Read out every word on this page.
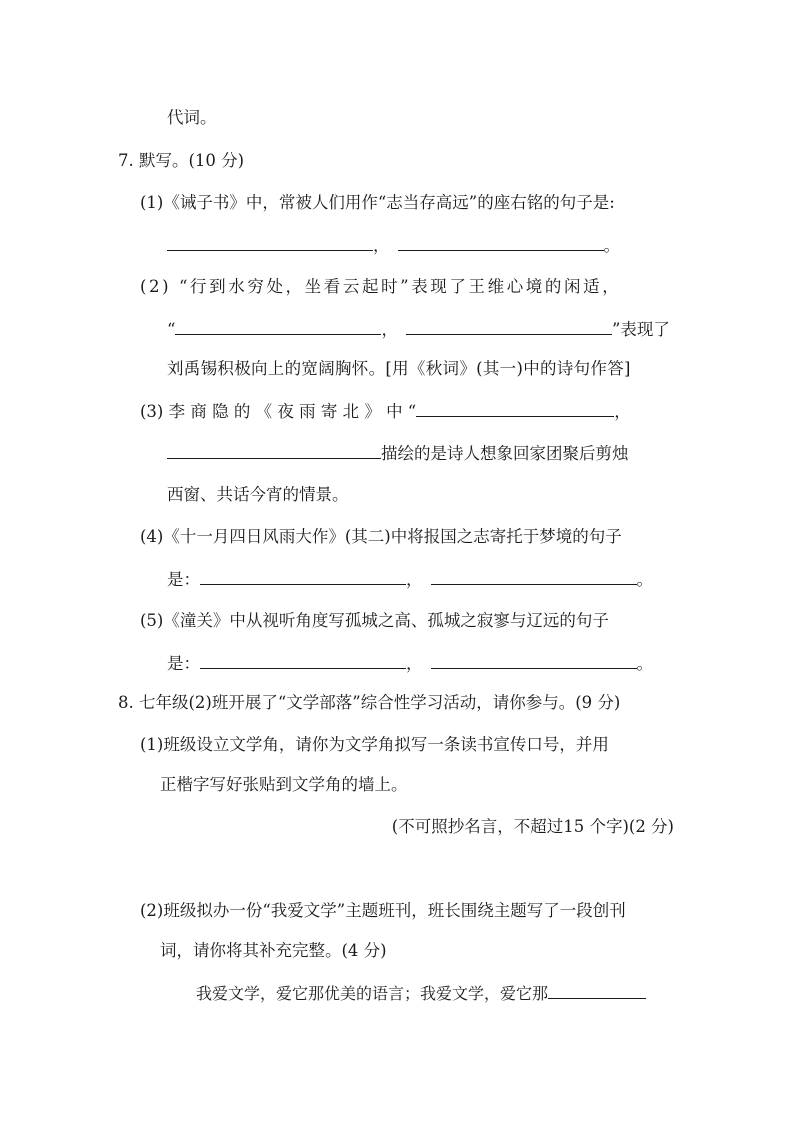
代词。
7. 默写。(10 分)
(1)《诫子书》中，常被人们用作“志当存高远”的座右铭的句子是:
，	。
(2) “行到水穷处，坐看云起时”表现了王维心境的闲适，
“	，	”表现了
刘禹锡积极向上的宽阔胸怀。[用《秋词》(其一)中的诗句作答]
(3) 李 商 隐 的 《 夜 雨 寄 北 》 中 “	，
描绘的是诗人想象回家团聚后剪烛
西窗、共话今宵的情景。
(4)《十一月四日风雨大作》(其二)中将报国之志寄托于梦境的句子
是：	，	。
(5)《潼关》中从视听角度写孤城之高、孤城之寂寥与辽远的句子
是：	，	。
8. 七年级(2)班开展了“文学部落”综合性学习活动，请你参与。(9 分)
(1)班级设立文学角，请你为文学角拟写一条读书宣传口号，并用
正楷字写好张贴到文学角的墙上。
(不可照抄名言，不超过15 个字)(2 分)
(2)班级拟办一份“我爱文学”主题班刊，班长围绕主题写了一段创刊
词，请你将其补充完整。(4 分)
我爱文学，爱它那优美的语言；我爱文学，爱它那
